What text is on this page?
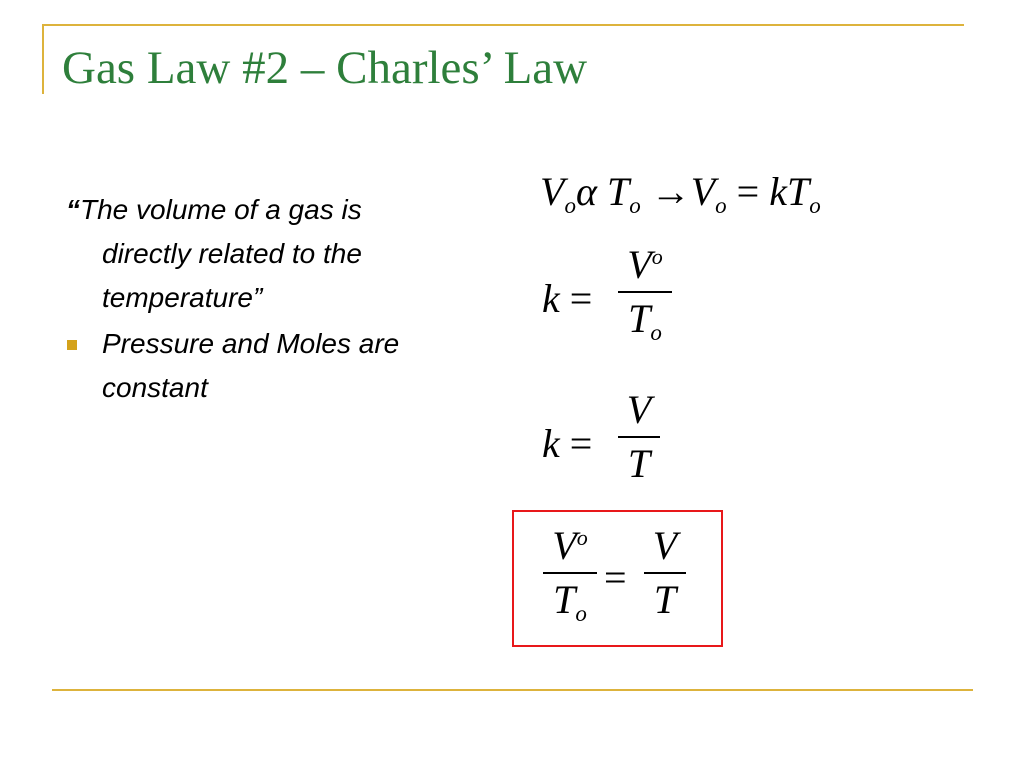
Gas Law #2 – Charles’ Law
“The volume of a gas is
directly related to the
temperature”
Pressure and Moles are
constant
$V_o\alpha$ $T_o \to V_o = kT_o$
k =
$V^o$
$T_o$
k =
V
T
$V^o$
$T_o$
=
V
T
